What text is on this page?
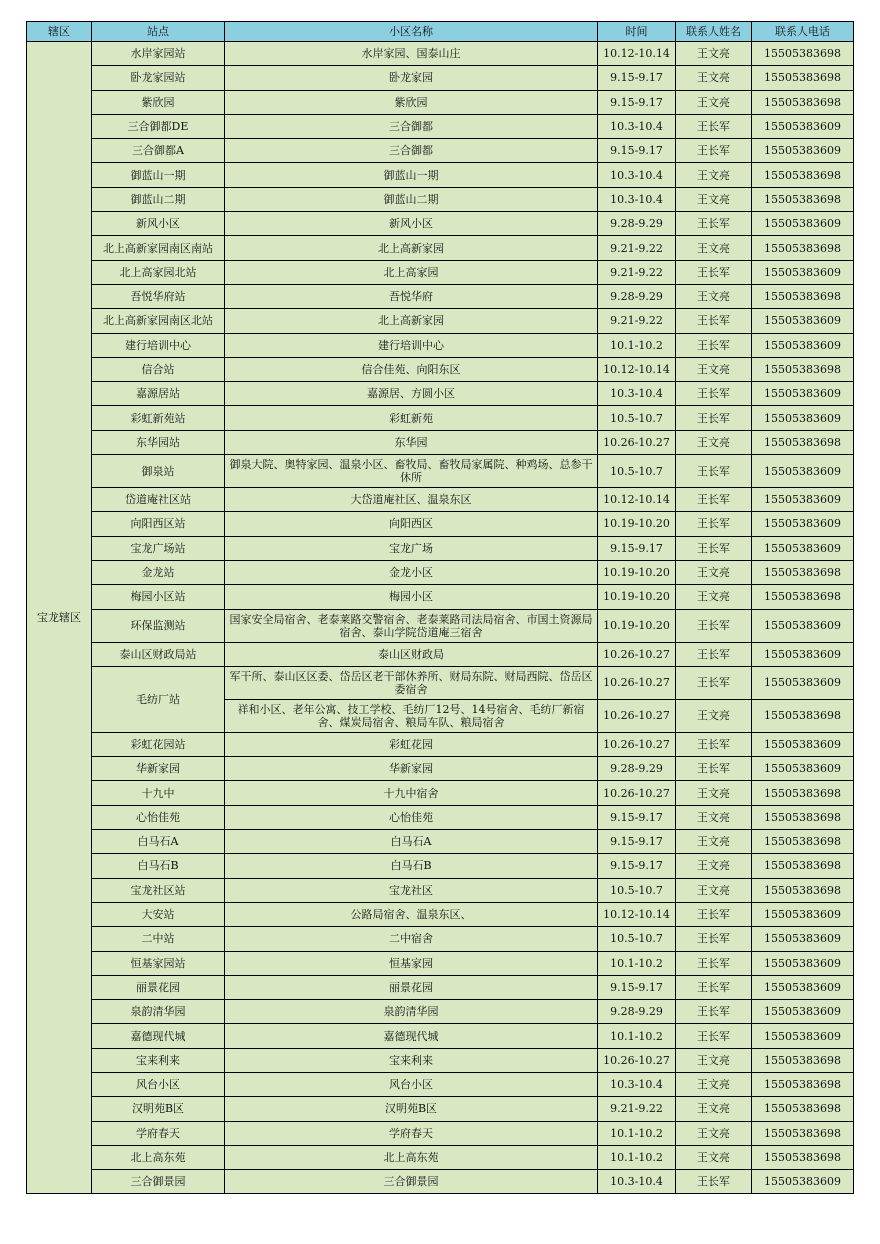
辖区	站点	小区名称	时间	联系人姓名	联系人电话
宝龙辖区	水岸家园站	水岸家园、国泰山庄	10.12-10.14	王文亮	15505383698
	卧龙家园站	卧龙家园	9.15-9.17	王文亮	15505383698
	紫欣园	紫欣园	9.15-9.17	王文亮	15505383698
	三合御都DE	三合御都	10.3-10.4	王长军	15505383609
	三合御都A	三合御都	9.15-9.17	王长军	15505383609
	御蓝山一期	御蓝山一期	10.3-10.4	王文亮	15505383698
	御蓝山二期	御蓝山二期	10.3-10.4	王文亮	15505383698
	新风小区	新风小区	9.28-9.29	王长军	15505383609
	北上高新家园南区南站	北上高新家园	9.21-9.22	王文亮	15505383698
	北上高家园北站	北上高家园	9.21-9.22	王长军	15505383609
	吾悦华府站	吾悦华府	9.28-9.29	王文亮	15505383698
	北上高新家园南区北站	北上高新家园	9.21-9.22	王长军	15505383609
	建行培训中心	建行培训中心	10.1-10.2	王长军	15505383609
	信合站	信合佳苑、向阳东区	10.12-10.14	王文亮	15505383698
	嘉源居站	嘉源居、方圆小区	10.3-10.4	王长军	15505383609
	彩虹新苑站	彩虹新苑	10.5-10.7	王长军	15505383609
	东华园站	东华园	10.26-10.27	王文亮	15505383698
	御泉站	御泉大院、奥特家园、温泉小区、畜牧局、畜牧局家属院、种鸡场、总参干休所	10.5-10.7	王长军	15505383609
	岱道庵社区站	大岱道庵社区、温泉东区	10.12-10.14	王长军	15505383609
	向阳西区站	向阳西区	10.19-10.20	王长军	15505383609
	宝龙广场站	宝龙广场	9.15-9.17	王长军	15505383609
	金龙站	金龙小区	10.19-10.20	王文亮	15505383698
	梅园小区站	梅园小区	10.19-10.20	王文亮	15505383698
	环保监测站	国家安全局宿舍、老泰莱路交警宿舍、老泰莱路司法局宿舍、市国土资源局宿舍、泰山学院岱道庵三宿舍	10.19-10.20	王长军	15505383609
	泰山区财政局站	泰山区财政局	10.26-10.27	王长军	15505383609
	毛纺厂站	军干所、泰山区区委、岱岳区老干部休养所、财局东院、财局西院、岱岳区委宿舍	10.26-10.27	王长军	15505383609
		祥和小区、老年公寓、技工学校、毛纺厂12号、14号宿舍、毛纺厂新宿舍、煤炭局宿舍、粮局车队、粮局宿舍	10.26-10.27	王文亮	15505383698
	彩虹花园站	彩虹花园	10.26-10.27	王长军	15505383609
	华新家园	华新家园	9.28-9.29	王长军	15505383609
	十九中	十九中宿舍	10.26-10.27	王文亮	15505383698
	心怡佳苑	心怡佳苑	9.15-9.17	王文亮	15505383698
	白马石A	白马石A	9.15-9.17	王文亮	15505383698
	白马石B	白马石B	9.15-9.17	王文亮	15505383698
	宝龙社区站	宝龙社区	10.5-10.7	王文亮	15505383698
	大安站	公路局宿舍、温泉东区、	10.12-10.14	王长军	15505383609
	二中站	二中宿舍	10.5-10.7	王长军	15505383609
	恒基家园站	恒基家园	10.1-10.2	王长军	15505383609
	丽景花园	丽景花园	9.15-9.17	王长军	15505383609
	泉韵清华园	泉韵清华园	9.28-9.29	王长军	15505383609
	嘉德现代城	嘉德现代城	10.1-10.2	王长军	15505383609
	宝来利来	宝来利来	10.26-10.27	王文亮	15505383698
	风台小区	风台小区	10.3-10.4	王文亮	15505383698
	汉明苑B区	汉明苑B区	9.21-9.22	王文亮	15505383698
	学府春天	学府春天	10.1-10.2	王文亮	15505383698
	北上高东苑	北上高东苑	10.1-10.2	王文亮	15505383698
	三合御景园	三合御景园	10.3-10.4	王长军	15505383609
